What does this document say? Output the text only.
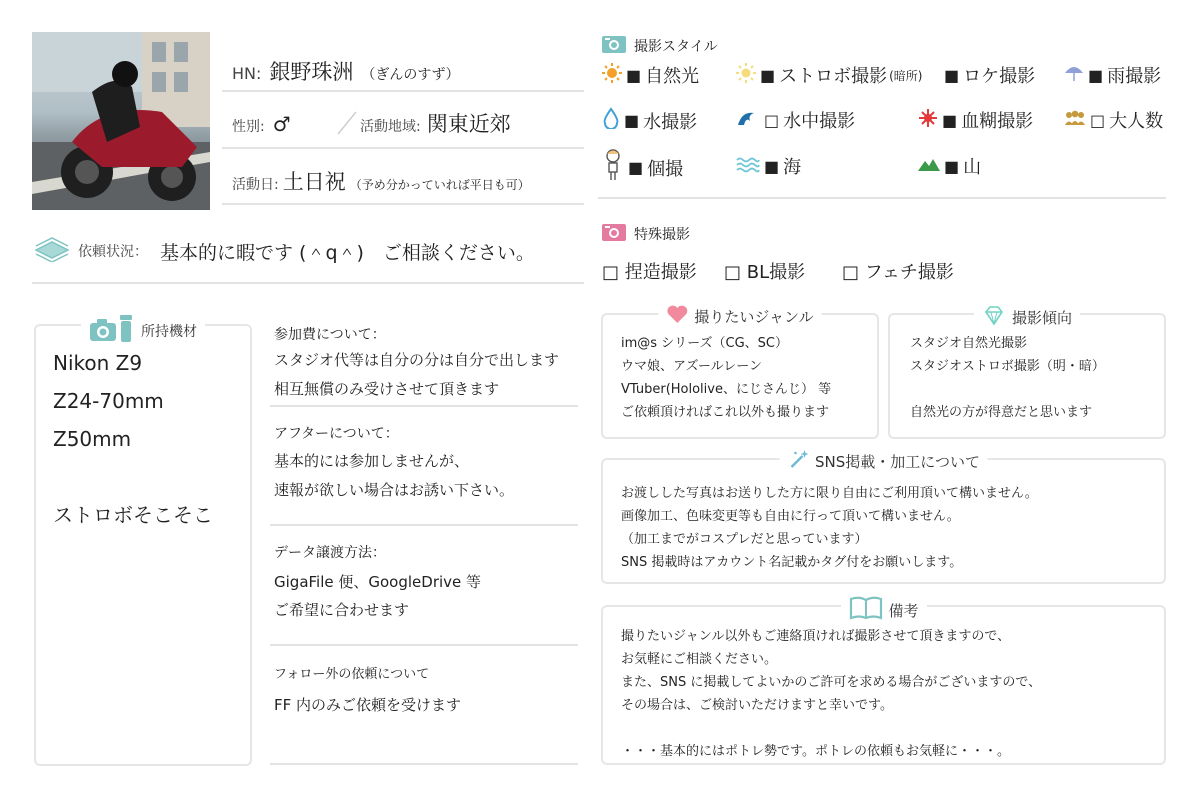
HN: 銀野珠洲 （ぎんのすず）
性別: ♂	活動地域: 関東近郊
活動日: 土日祝 （予め分かっていれば平日も可）
依頼状況： 基本的に暇です (＾q＾)　ご相談ください。
所持機材
Nikon Z9
Z24-70mm
Z50mm
ストロボそこそこ
参加費について：
スタジオ代等は自分の分は自分で出します
相互無償のみ受けさせて頂きます
アフターについて：
基本的には参加しませんが、
速報が欲しい場合はお誘い下さい。
データ譲渡方法：
GigaFile 便、GoogleDrive 等
ご希望に合わせます
フォロー外の依頼について
FF 内のみご依頼を受けます
撮影スタイル
■ 自然光	■ ストロボ撮影 (暗所) ■ ロケ撮影	■ 雨撮影
■ 水撮影	□ 水中撮影	■ 血糊撮影	□ 大人数
■ 個撮	■ 海	■ 山
特殊撮影
□ 捏造撮影 □ BL撮影 □ フェチ撮影
撮りたいジャンル
im@s シリーズ（CG、SC）
ウマ娘、アズールレーン
VTuber(Hololive、にじさんじ） 等
ご依頼頂ければこれ以外も撮ります
撮影傾向
スタジオ自然光撮影
スタジオストロボ撮影（明・暗）
自然光の方が得意だと思います
SNS掲載・加工について
お渡しした写真はお送りした方に限り自由にご利用頂いて構いません。
画像加工、色味変更等も自由に行って頂いて構いません。
（加工までがコスプレだと思っています）
SNS 掲載時はアカウント名記載かタグ付をお願いします。
備考
撮りたいジャンル以外もご連絡頂ければ撮影させて頂きますので、
お気軽にご相談ください。
また、SNS に掲載してよいかのご許可を求める場合がございますので、
その場合は、ご検討いただけますと幸いです。
・・・基本的にはポトレ勢です。ポトレの依頼もお気軽に・・・。
